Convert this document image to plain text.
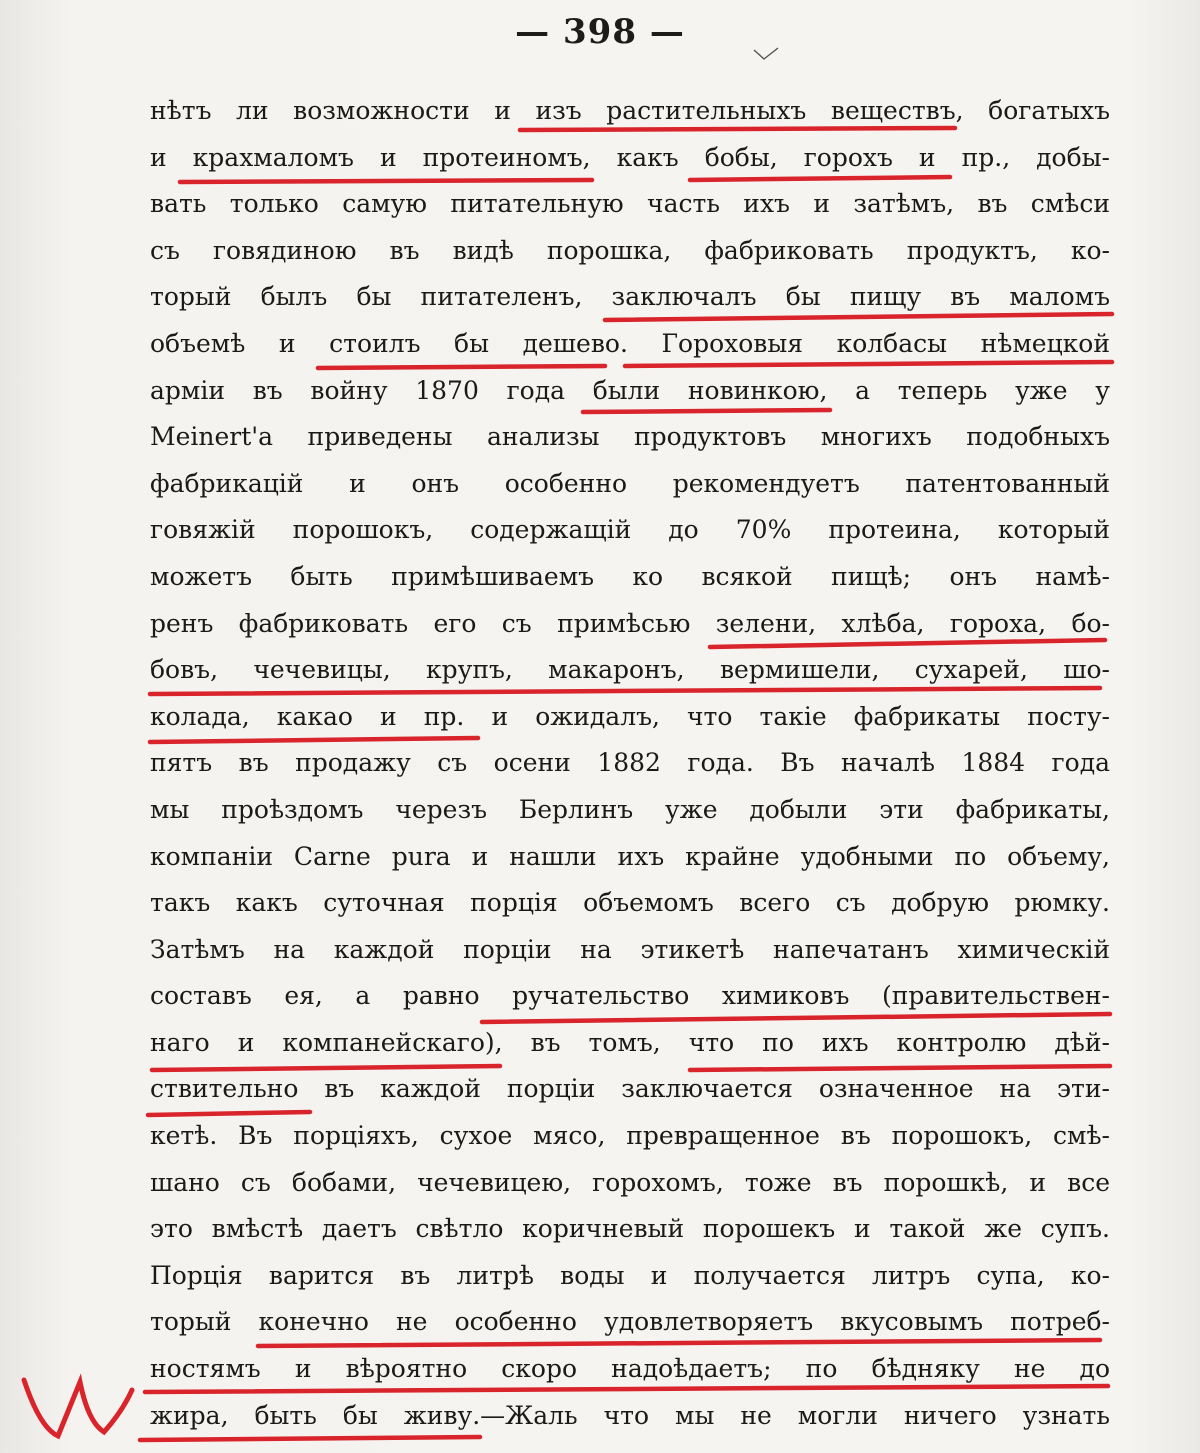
— 398 —
нѣтъ ли возможности и изъ растительныхъ веществъ, богатыхъ
и крахмаломъ и протеиномъ, какъ бобы, горохъ и пр., добы-
вать только самую питательную часть ихъ и затѣмъ, въ смѣси
съ говядиною въ видѣ порошка, фабриковать продуктъ, ко-
торый былъ бы питателенъ, заключалъ бы пищу въ маломъ
объемѣ и стоилъ бы дешево. Гороховыя колбасы нѣмецкой
арміи въ войну 1870 года были новинкою, а теперь уже у
Meinert'а приведены анализы продуктовъ многихъ подобныхъ
фабрикацій и онъ особенно рекомендуетъ патентованный
говяжій порошокъ, содержащій до 70% протеина, который
можетъ быть примѣшиваемъ ко всякой пищѣ; онъ намѣ-
ренъ фабриковать его съ примѣсью зелени, хлѣба, гороха, бо-
бовъ, чечевицы, крупъ, макаронъ, вермишели, сухарей, шо-
колада, какао и пр. и ожидалъ, что такіе фабрикаты посту-
пятъ въ продажу съ осени 1882 года. Въ началѣ 1884 года
мы проѣздомъ черезъ Берлинъ уже добыли эти фабрикаты,
компаніи Carne pura и нашли ихъ крайне удобными по объему,
такъ какъ суточная порція объемомъ всего съ добрую рюмку.
Затѣмъ на каждой порціи на этикетѣ напечатанъ химическій
составъ ея, а равно ручательство химиковъ (правительствен-
наго и компанейскаго), въ томъ, что по ихъ контролю дѣй-
ствительно въ каждой порціи заключается означенное на эти-
кетѣ. Въ порціяхъ, сухое мясо, превращенное въ порошокъ, смѣ-
шано съ бобами, чечевицею, горохомъ, тоже въ порошкѣ, и все
это вмѣстѣ даетъ свѣтло коричневый порошекъ и такой же супъ.
Порція варится въ литрѣ воды и получается литръ супа, ко-
торый конечно не особенно удовлетворяетъ вкусовымъ потреб-
ностямъ и вѣроятно скоро надоѣдаетъ; по бѣдняку не до
жира, быть бы живу.—Жаль что мы не могли ничего узнать
